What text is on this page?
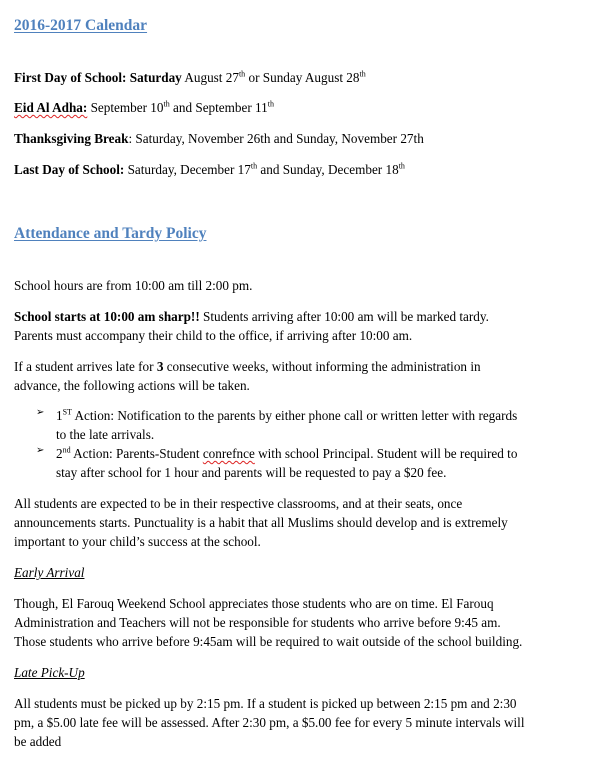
2016-2017 Calendar
First Day of School: Saturday August 27th or Sunday August 28th
Eid Al Adha: September 10th and September 11th
Thanksgiving Break: Saturday, November 26th and Sunday, November 27th
Last Day of School: Saturday, December 17th and Sunday, December 18th
Attendance and Tardy Policy
School hours are from 10:00 am till 2:00 pm.
School starts at 10:00 am sharp!! Students arriving after 10:00 am will be marked tardy.
Parents must accompany their child to the office, if arriving after 10:00 am.
If a student arrives late for 3 consecutive weeks, without informing the administration in
advance, the following actions will be taken.
➢ 1ST Action: Notification to the parents by either phone call or written letter with regards
to the late arrivals.
➢ 2nd Action: Parents-Student conrefnce with school Principal. Student will be required to
stay after school for 1 hour and parents will be requested to pay a $20 fee.
All students are expected to be in their respective classrooms, and at their seats, once
announcements starts. Punctuality is a habit that all Muslims should develop and is extremely
important to your child’s success at the school.
Early Arrival
Though, El Farouq Weekend School appreciates those students who are on time. El Farouq
Administration and Teachers will not be responsible for students who arrive before 9:45 am.
Those students who arrive before 9:45am will be required to wait outside of the school building.
Late Pick-Up
All students must be picked up by 2:15 pm. If a student is picked up between 2:15 pm and 2:30
pm, a $5.00 late fee will be assessed. After 2:30 pm, a $5.00 fee for every 5 minute intervals will
be added
